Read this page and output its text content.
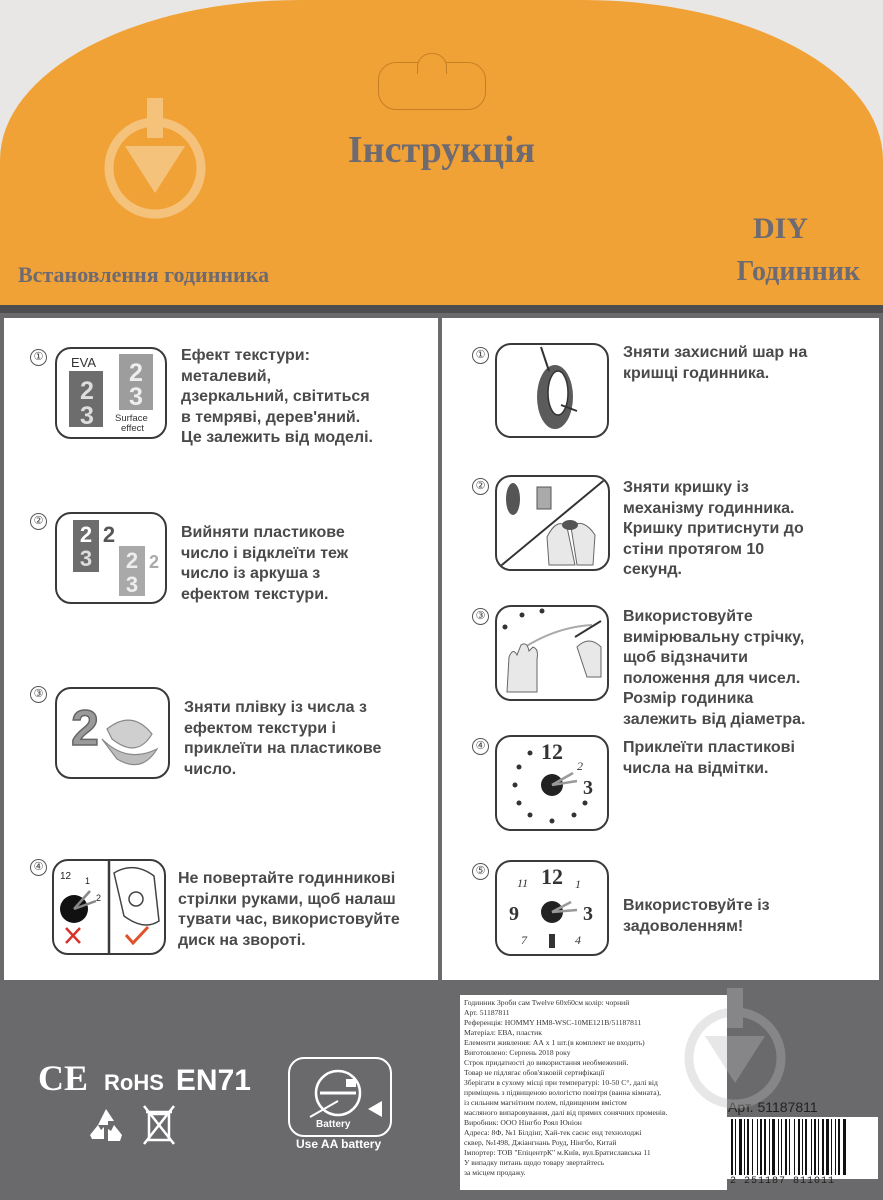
Інструкція
Встановлення годинника
DIY
Годинник
①
2
3
2
3
EVA
Surface
effect
Ефект текстури:
металевий,
дзеркальний, світиться
в темряві, дерев'яний.
Це залежить від моделі.
②
2
3
2
2
3
2
Вийняти пластикове
число і відклеїти теж
число із аркуша з
ефектом текстури.
③
2	Зняти плівку із числа з
ефектом текстури і
приклеїти на пластикове
число.
④
12 1
2
Не повертайте годинникові
стрілки руками, щоб налаш
тувати час, використовуйте
диск на звороті.
①	Зняти захисний шар на
кришці годинника.
②	Зняти кришку із
механізму годинника.
Кришку притиснути до
стіни протягом 10
секунд.
③	Використовуйте
вимірювальну стрічку,
щоб відзначити
положення для чисел.
Розмір годиника
залежить від діаметра.
④	12
2
3
Приклеїти пластикові
числа на відмітки.
⑤	12
11	1
9	3
7	4
Використовуйте із
задоволенням!
CE RoHS EN71
Battery
Use AA battery
Годинник Зроби сам Twelve 60х60см колір: чорний
Арт. 51187811
Референція: HOMMY HM8-WSC-10ME121B/51187811
Матеріал: ЕВА, пластик
Елементи живлення: АА х 1 шт.(в комплект не входить)
Виготовлено: Серпень 2018 року
Строк придатності до використання необмежений.
Товар не підлягає обов'язковій сертифікації
Зберігати в сухому місці при температурі: 10-50 С°, далі від
приміщень з підвищеною вологістю повітря (ванна кімната),
із сильним магнітним полем, підвищеним вмістом
масляного випаровування, далі від прямих сонячних променів.
Виробник: ООО Нінгбо Роял Юніон
Адреса: 8Ф, №1 Білдінг, Хай-тек саєнс енд технолоджі
сквер, №1498, Джіангнань Роуд, Нінгбо, Китай
Імпортер: ТОВ "ЕпіцентрК" м.Київ, вул.Братиславська 11
У випадку питань щодо товару звертайтесь
за місцем продажу.
Арт. 51187811
2 251187 811011
